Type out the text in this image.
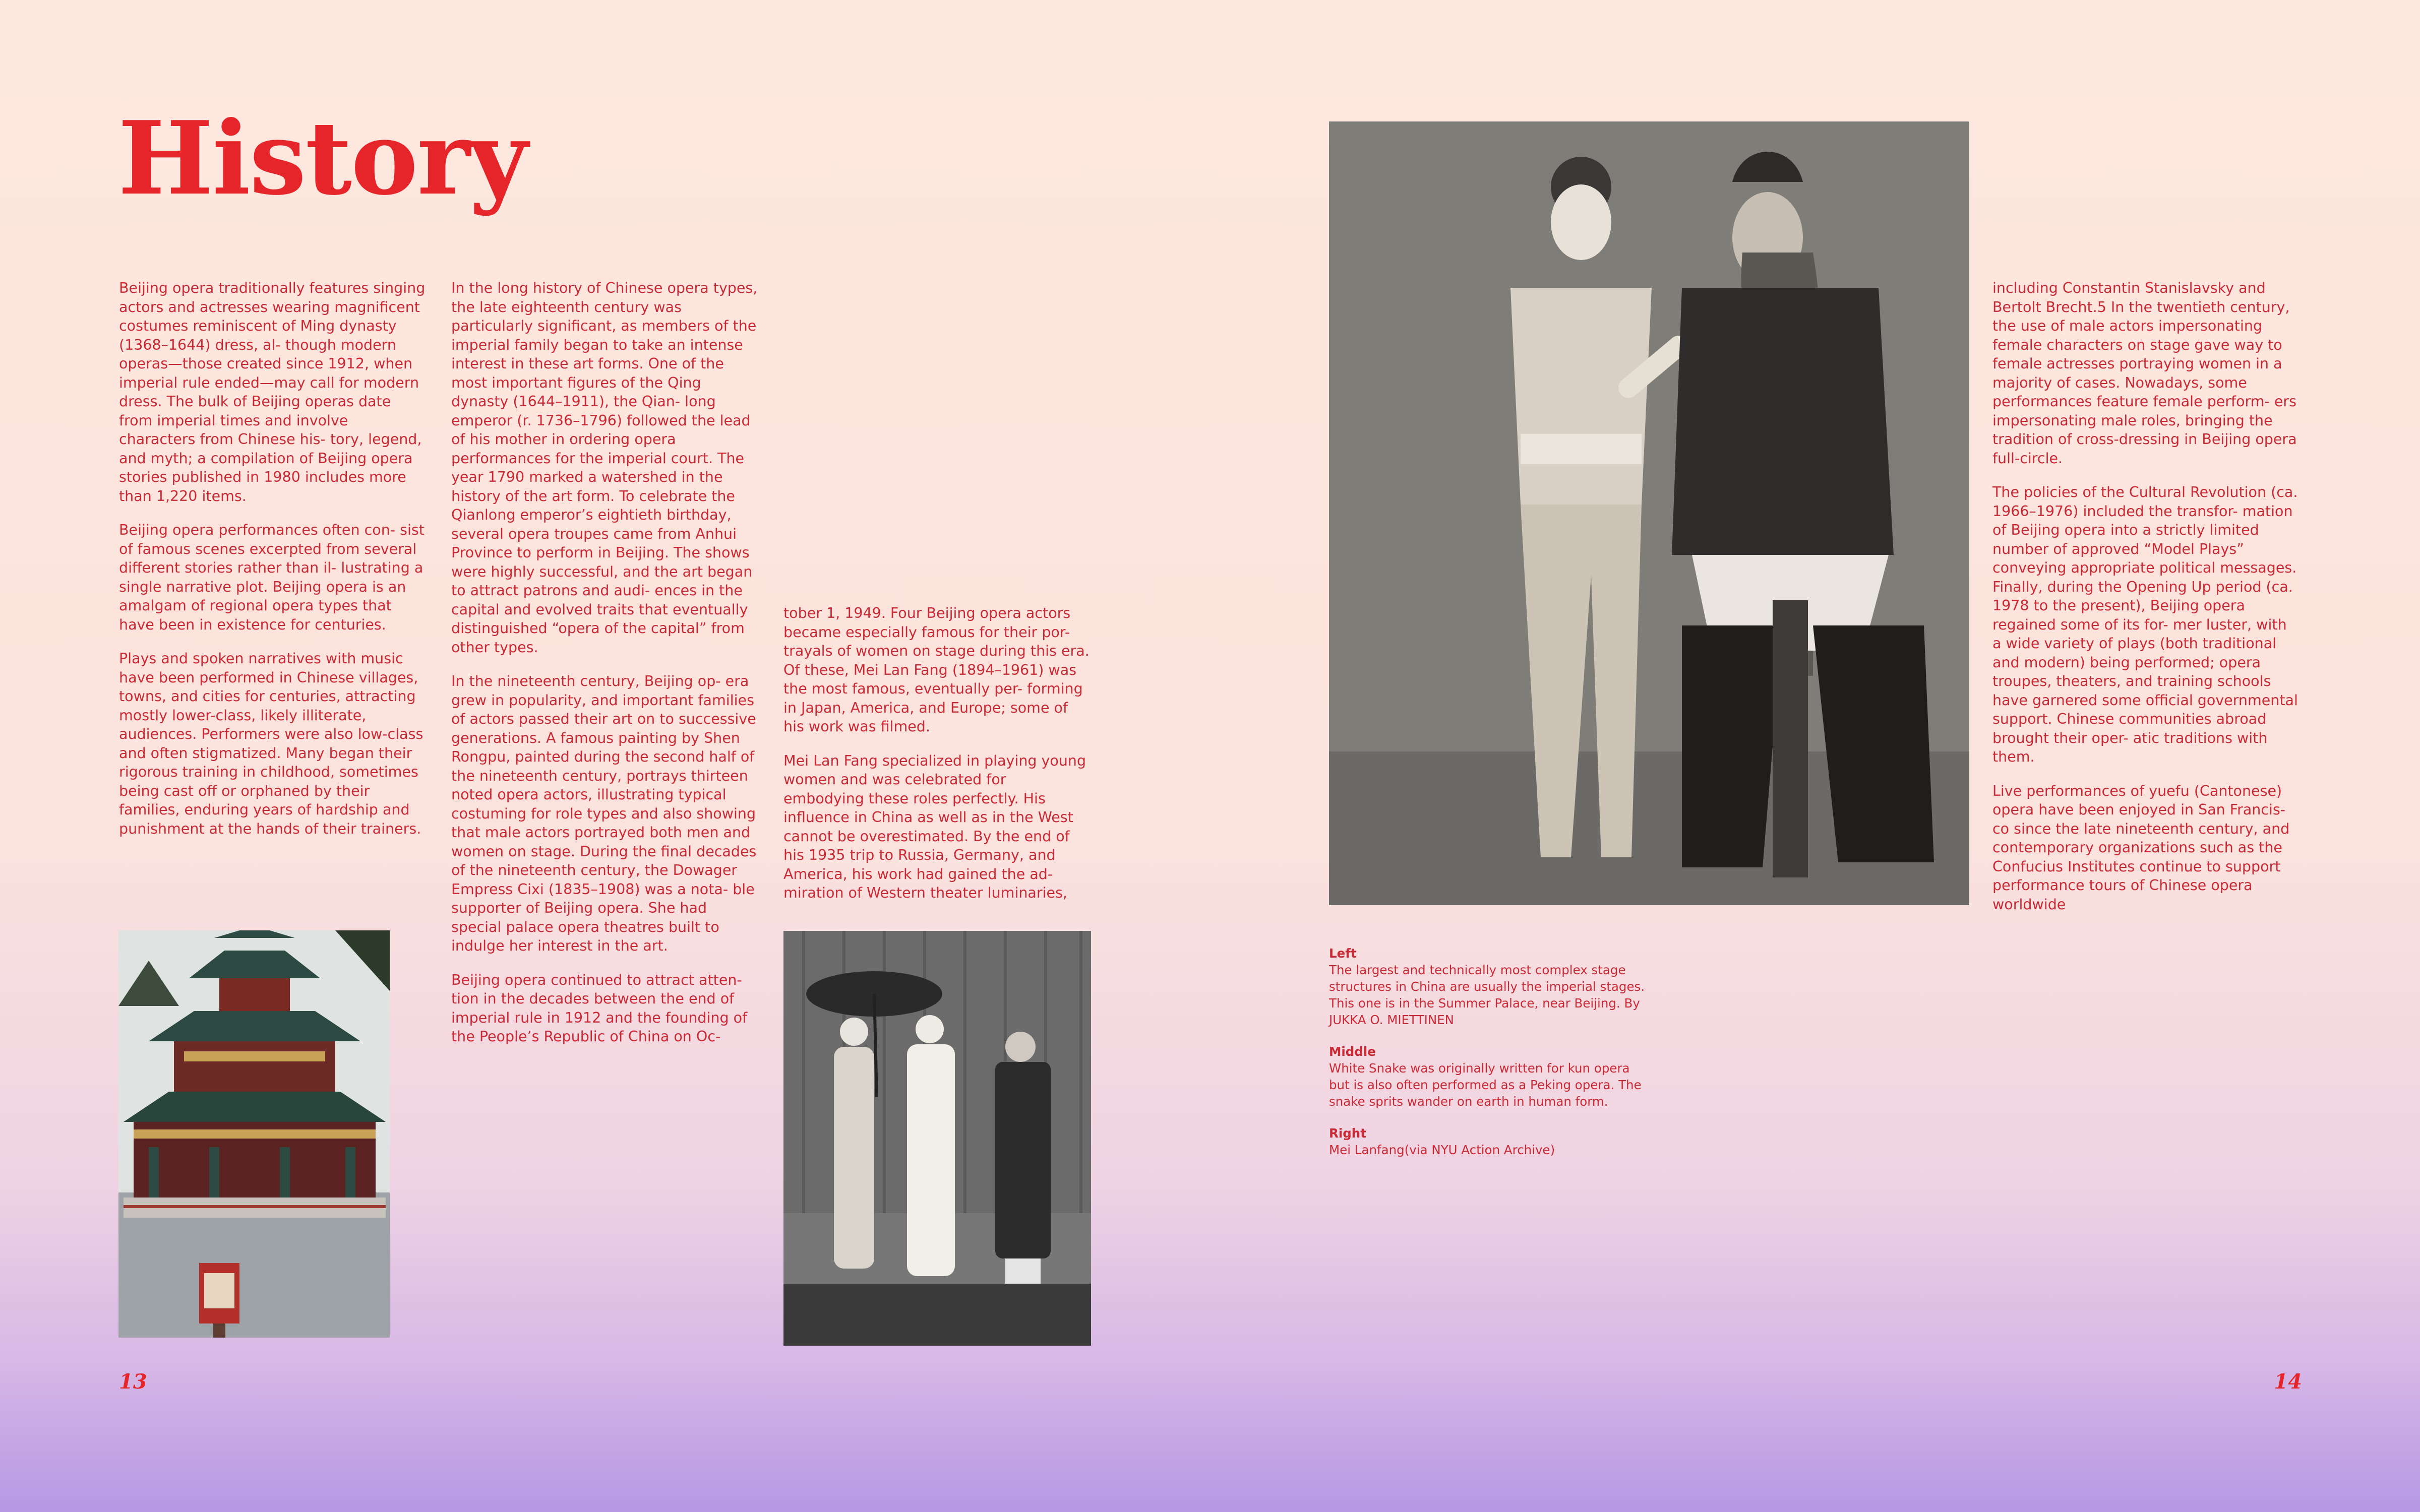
History

Beijing opera traditionally features singing actors and actresses wearing magnificent costumes reminiscent of Ming dynasty (1368–1644) dress, al- though modern operas—those created since 1912, when imperial rule ended—may call for modern dress. The bulk of Beijing operas date from imperial times and involve characters from Chinese his- tory, legend, and myth; a compilation of Beijing opera stories published in 1980 includes more than 1,220 items.

Beijing opera performances often con- sist of famous scenes excerpted from several different stories rather than il- lustrating a single narrative plot. Beijing opera is an amalgam of regional opera types that have been in existence for centuries.

Plays and spoken narratives with music have been performed in Chinese villages, towns, and cities for centuries, attracting mostly lower-class, likely illiterate, audiences. Performers were also low-class and often stigmatized. Many began their rigorous training in childhood, sometimes being cast off or orphaned by their families, enduring years of hardship and punishment at the hands of their trainers.

In the long history of Chinese opera types, the late eighteenth century was particularly significant, as members of the imperial family began to take an intense interest in these art forms. One of the most important figures of the Qing dynasty (1644–1911), the Qian- long emperor (r. 1736–1796) followed the lead of his mother in ordering opera performances for the imperial court. The year 1790 marked a watershed in the history of the art form. To celebrate the Qianlong emperor’s eightieth birthday, several opera troupes came from Anhui Province to perform in Beijing. The shows were highly successful, and the art began to attract patrons and audi- ences in the capital and evolved traits that eventually distinguished “opera of the capital” from other types.

In the nineteenth century, Beijing op- era grew in popularity, and important families of actors passed their art on to successive generations. A famous painting by Shen Rongpu, painted during the second half of the nineteenth century, portrays thirteen noted opera actors, illustrating typical costuming for role types and also showing that male actors portrayed both men and women on stage. During the final decades of the nineteenth century, the Dowager Empress Cixi (1835–1908) was a nota- ble supporter of Beijing opera. She had special palace opera theatres built to indulge her interest in the art.

Beijing opera continued to attract atten- tion in the decades between the end of imperial rule in 1912 and the founding of the People’s Republic of China on Oc-

tober 1, 1949. Four Beijing opera actors became especially famous for their por- trayals of women on stage during this era. Of these, Mei Lan Fang (1894–1961) was the most famous, eventually per- forming in Japan, America, and Europe; some of his work was filmed.

Mei Lan Fang specialized in playing young women and was celebrated for embodying these roles perfectly. His influence in China as well as in the West cannot be overestimated. By the end of his 1935 trip to Russia, Germany, and America, his work had gained the ad- miration of Western theater luminaries,

including Constantin Stanislavsky and Bertolt Brecht.5 In the twentieth century, the use of male actors impersonating female characters on stage gave way to female actresses portraying women in a majority of cases. Nowadays, some performances feature female perform- ers impersonating male roles, bringing the tradition of cross-dressing in Beijing opera full-circle.

The policies of the Cultural Revolution (ca. 1966–1976) included the transfor- mation of Beijing opera into a strictly limited number of approved “Model Plays” conveying appropriate political messages. Finally, during the Opening Up period (ca. 1978 to the present), Beijing opera regained some of its for- mer luster, with a wide variety of plays (both traditional and modern) being performed; opera troupes, theaters, and training schools have garnered some official governmental support. Chinese communities abroad brought their oper- atic traditions with them.

Live performances of yuefu (Cantonese) opera have been enjoyed in San Francis- co since the late nineteenth century, and contemporary organizations such as the Confucius Institutes continue to support performance tours of Chinese opera worldwide

Left
The largest and technically most complex stage structures in China are usually the imperial stages. This one is in the Summer Palace, near Beijing. By JUKKA O. MIETTINEN
Middle
White Snake was originally written for kun opera but is also often performed as a Peking opera. The snake sprits wander on earth in human form.
Right
Mei Lanfang(via NYU Action Archive)

13	14
